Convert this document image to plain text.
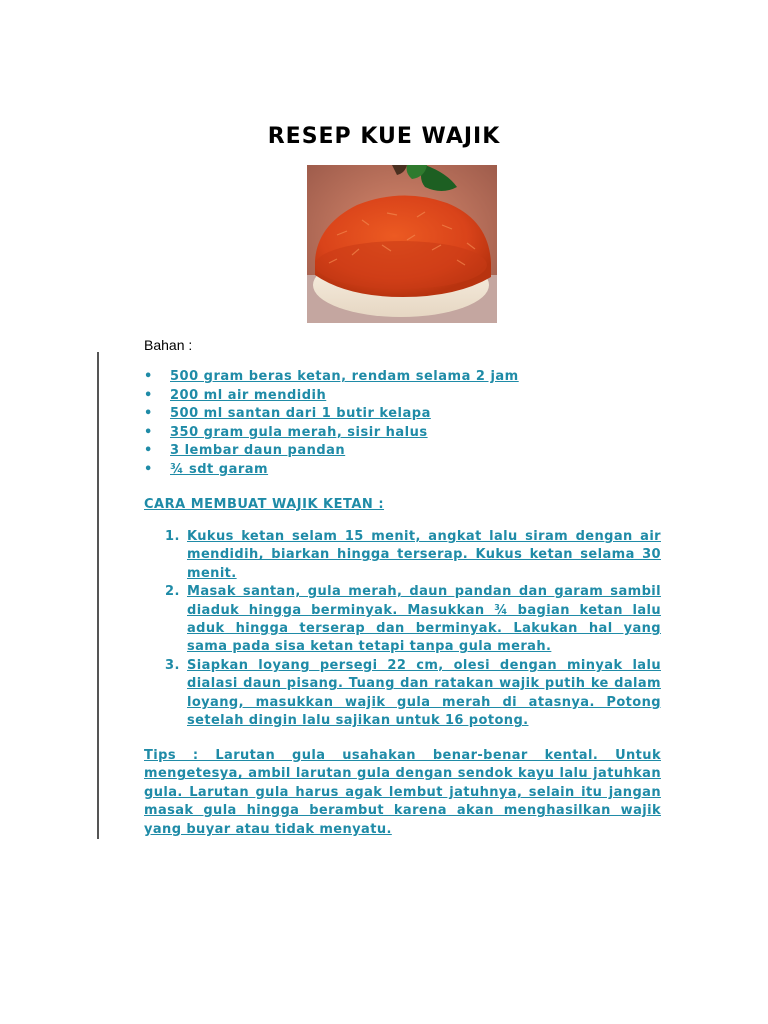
RESEP KUE WAJIK
Bahan :
• 500 gram beras ketan, rendam selama 2 jam
• 200 ml air mendidih
• 500 ml santan dari 1 butir kelapa
• 350 gram gula merah, sisir halus
• 3 lembar daun pandan
• ¾ sdt garam
CARA MEMBUAT WAJIK KETAN :
1. Kukus ketan selam 15 menit, angkat lalu siram dengan air mendidih, biarkan hingga terserap. Kukus ketan selama 30 menit.
2. Masak santan, gula merah, daun pandan dan garam sambil diaduk hingga berminyak. Masukkan ¾ bagian ketan lalu aduk hingga terserap dan berminyak. Lakukan hal yang sama pada sisa ketan tetapi tanpa gula merah.
3. Siapkan loyang persegi 22 cm, olesi dengan minyak lalu dialasi daun pisang. Tuang dan ratakan wajik putih ke dalam loyang, masukkan wajik gula merah di atasnya. Potong setelah dingin lalu sajikan untuk 16 potong.

Tips : Larutan gula usahakan benar-benar kental. Untuk mengetesya, ambil larutan gula dengan sendok kayu lalu jatuhkan gula. Larutan gula harus agak lembut jatuhnya, selain itu jangan masak gula hingga berambut karena akan menghasilkan wajik yang buyar atau tidak menyatu.
